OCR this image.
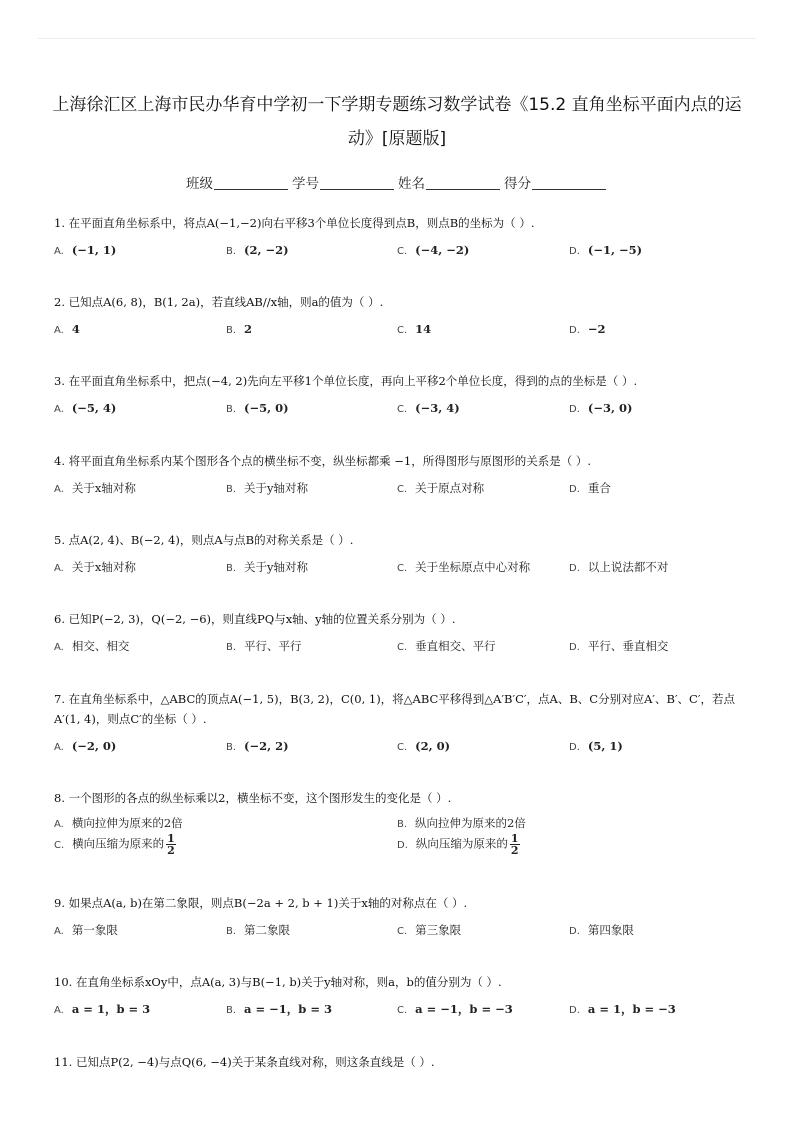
上海徐汇区上海市民办华育中学初一下学期专题练习数学试卷《15.2 直角坐标平面内点的运动》[原题版]
班级	学号	姓名	得分
1. 在平面直角坐标系中，将点A(−1,−2)向右平移3个单位长度得到点B，则点B的坐标为（ ）.
A. (−1, 1)	B. (2, −2)	C. (−4, −2)	D. (−1, −5)
2. 已知点A(6, 8)，B(1, 2a)，若直线AB//x轴，则a的值为（ ）.
A. 4	B. 2	C. 14	D. −2
3. 在平面直角坐标系中，把点(−4, 2)先向左平移1个单位长度，再向上平移2个单位长度，得到的点的坐标是（ ）.
A. (−5, 4)	B. (−5, 0)	C. (−3, 4)	D. (−3, 0)
4. 将平面直角坐标系内某个图形各个点的横坐标不变，纵坐标都乘 −1，所得图形与原图形的关系是（ ）.
A. 关于x轴对称	B. 关于y轴对称	C. 关于原点对称	D. 重合
5. 点A(2, 4)、B(−2, 4)，则点A与点B的对称关系是（ ）.
A. 关于x轴对称	B. 关于y轴对称	C. 关于坐标原点中心对称	D. 以上说法都不对
6. 已知P(−2, 3)，Q(−2, −6)，则直线PQ与x轴、y轴的位置关系分别为（ ）.
A. 相交、相交	B. 平行、平行	C. 垂直相交、平行	D. 平行、垂直相交
7. 在直角坐标系中，△ABC的顶点A(−1, 5)，B(3, 2)，C(0, 1)，将△ABC平移得到△A′B′C′，点A、B、C分别对应A′、B′、C′，若点A′(1, 4)，则点C′的坐标（ ）.
A. (−2, 0)	B. (−2, 2)	C. (2, 0)	D. (5, 1)
8. 一个图形的各点的纵坐标乘以2，横坐标不变，这个图形发生的变化是（ ）.
A. 横向拉伸为原来的2倍	B. 纵向拉伸为原来的2倍
C. 横向压缩为原来的 $\frac{1}{2}$	D. 纵向压缩为原来的 $\frac{1}{2}$
9. 如果点A(a, b)在第二象限，则点B(−2a + 2, b + 1)关于x轴的对称点在（ ）.
A. 第一象限	B. 第二象限	C. 第三象限	D. 第四象限
10. 在直角坐标系xOy中，点A(a, 3)与B(−1, b)关于y轴对称，则a，b的值分别为（ ）.
A. a = 1，b = 3	B. a = −1，b = 3	C. a = −1，b = −3	D. a = 1，b = −3
11. 已知点P(2, −4)与点Q(6, −4)关于某条直线对称，则这条直线是（ ）.
